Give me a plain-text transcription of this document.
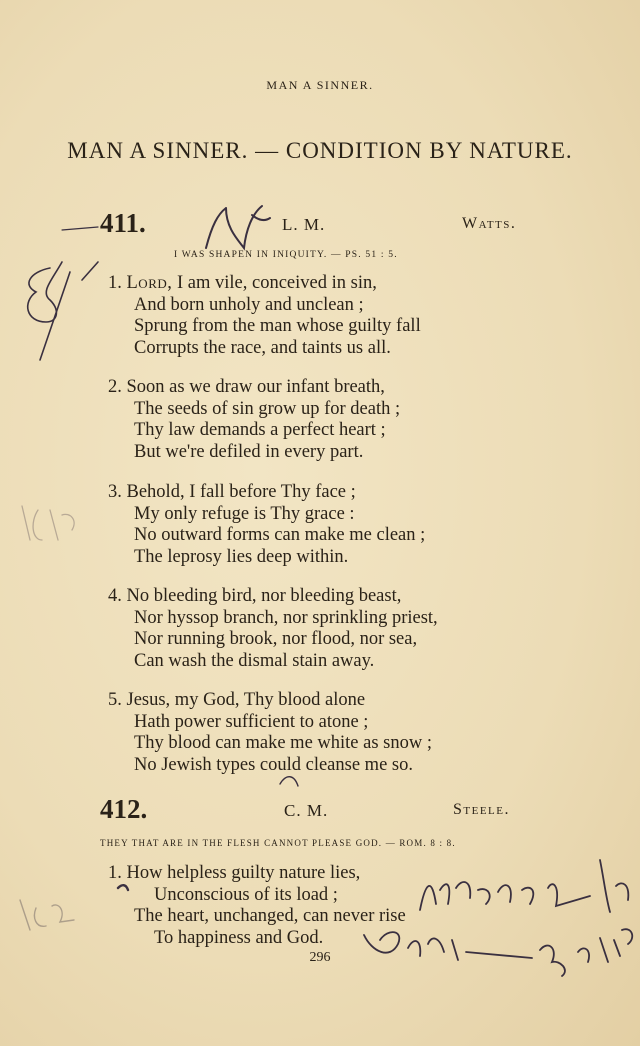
MAN A SINNER.
MAN A SINNER. — CONDITION BY NATURE.
411.	L. M.	Watts.
I WAS SHAPEN IN INIQUITY. — PS. 51 : 5.
1. Lord, I am vile, conceived in sin,
And born unholy and unclean ;
Sprung from the man whose guilty fall
Corrupts the race, and taints us all.
2. Soon as we draw our infant breath,
The seeds of sin grow up for death ;
Thy law demands a perfect heart ;
But we're defiled in every part.
3. Behold, I fall before Thy face ;
My only refuge is Thy grace :
No outward forms can make me clean ;
The leprosy lies deep within.
4. No bleeding bird, nor bleeding beast,
Nor hyssop branch, nor sprinkling priest,
Nor running brook, nor flood, nor sea,
Can wash the dismal stain away.
5. Jesus, my God, Thy blood alone
Hath power sufficient to atone ;
Thy blood can make me white as snow ;
No Jewish types could cleanse me so.
412.	C. M.	Steele.
THEY THAT ARE IN THE FLESH CANNOT PLEASE GOD. — ROM. 8 : 8.
1. How helpless guilty nature lies,
Unconscious of its load ;
The heart, unchanged, can never rise
To happiness and God.
296
